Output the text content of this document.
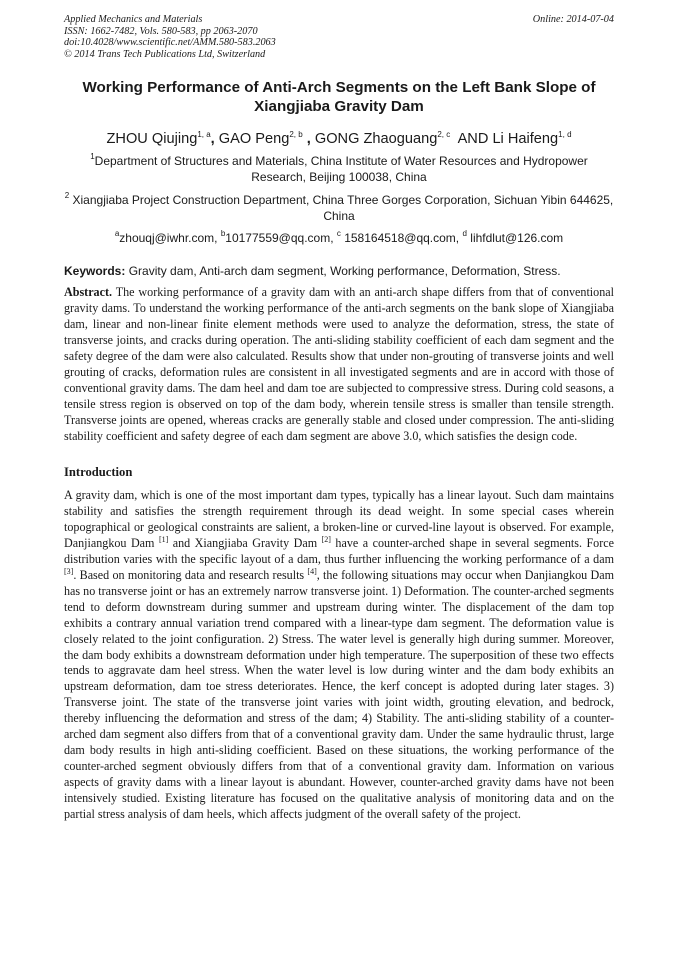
Applied Mechanics and Materials
ISSN: 1662-7482, Vols. 580-583, pp 2063-2070
doi:10.4028/www.scientific.net/AMM.580-583.2063
© 2014 Trans Tech Publications Ltd, Switzerland
Online: 2014-07-04
Working Performance of Anti-Arch Segments on the Left Bank Slope of
Xiangjiaba Gravity Dam
ZHOU Qiujing$^{1, a}$, GAO Peng$^{2, b}$ , GONG Zhaoguang$^{2, c}$ AND Li Haifeng$^{1, d}$
$^1$Department of Structures and Materials, China Institute of Water Resources and Hydropower Research, Beijing 100038, China
$^2$ Xiangjiaba Project Construction Department, China Three Gorges Corporation, Sichuan Yibin 644625, China
$^a$zhouqj@iwhr.com, $^b$10177559@qq.com, $^c$ 158164518@qq.com, $^d$ lihfdlut@126.com
Keywords: Gravity dam, Anti-arch dam segment, Working performance, Deformation, Stress.
Abstract. The working performance of a gravity dam with an anti-arch shape differs from that of conventional gravity dams. To understand the working performance of the anti-arch segments on the bank slope of Xiangjiaba dam, linear and non-linear finite element methods were used to analyze the deformation, stress, the state of transverse joints, and cracks during operation. The anti-sliding stability coefficient of each dam segment and the safety degree of the dam were also calculated. Results show that under non-grouting of transverse joints and well grouting of cracks, deformation rules are consistent in all investigated segments and are in accord with those of conventional gravity dams. The dam heel and dam toe are subjected to compressive stress. During cold seasons, a tensile stress region is observed on top of the dam body, wherein tensile stress is smaller than tensile strength. Transverse joints are opened, whereas cracks are generally stable and closed under compression. The anti-sliding stability coefficient and safety degree of each dam segment are above 3.0, which satisfies the design code.
Introduction
A gravity dam, which is one of the most important dam types, typically has a linear layout. Such dam maintains stability and satisfies the strength requirement through its dead weight. In some special cases wherein topographical or geological constraints are salient, a broken-line or curved-line layout is observed. For example, Danjiangkou Dam [1] and Xiangjiaba Gravity Dam [2] have a counter-arched shape in several segments. Force distribution varies with the specific layout of a dam, thus further influencing the working performance of a dam [3]. Based on monitoring data and research results [4], the following situations may occur when Danjiangkou Dam has no transverse joint or has an extremely narrow transverse joint. 1) Deformation. The counter-arched segments tend to deform downstream during summer and upstream during winter. The displacement of the dam top exhibits a contrary annual variation trend compared with a linear-type dam segment. The deformation value is closely related to the joint configuration. 2) Stress. The water level is generally high during summer. Moreover, the dam body exhibits a downstream deformation under high temperature. The superposition of these two effects tends to aggravate dam heel stress. When the water level is low during winter and the dam body exhibits an upstream deformation, dam toe stress deteriorates. Hence, the kerf concept is adopted during later stages. 3) Transverse joint. The state of the transverse joint varies with joint width, grouting elevation, and bedrock, thereby influencing the deformation and stress of the dam; 4) Stability. The anti-sliding stability of a counter-arched dam segment also differs from that of a conventional gravity dam. Under the same hydraulic thrust, large dam body results in high anti-sliding coefficient. Based on these situations, the working performance of the counter-arched segment obviously differs from that of a conventional gravity dam. Information on various aspects of gravity dams with a linear layout is abundant. However, counter-arched gravity dams have not been intensively studied. Existing literature has focused on the qualitative analysis of monitoring data and on the partial stress analysis of dam heels, which affects judgment of the overall safety of the project.
